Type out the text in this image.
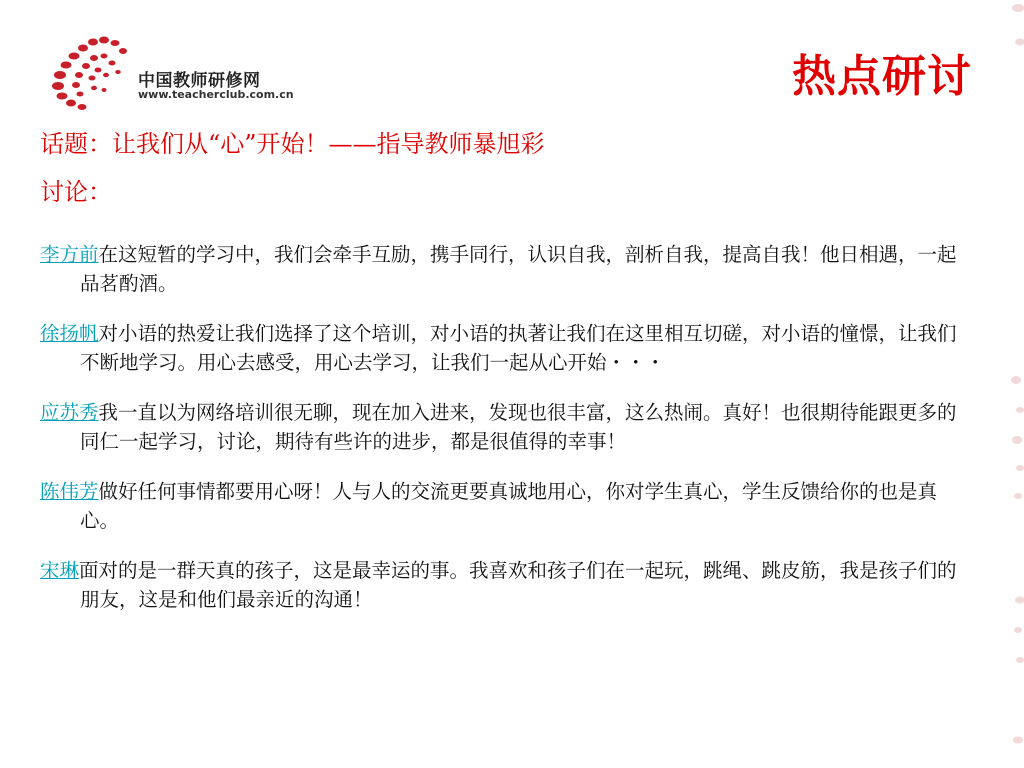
中国教师研修网
www.teacherclub.com.cn	热点研讨
话题：让我们从“心”开始！——指导教师暴旭彩
讨论：
李方前在这短暂的学习中，我们会牵手互励，携手同行，认识自我，剖析自我，提高自我！他日相遇，一起品茗酌酒。
徐扬帆对小语的热爱让我们选择了这个培训，对小语的执著让我们在这里相互切磋，对小语的憧憬，让我们不断地学习。用心去感受，用心去学习，让我们一起从心开始・・・
应苏秀我一直以为网络培训很无聊，现在加入进来，发现也很丰富，这么热闹。真好！也很期待能跟更多的同仁一起学习，讨论，期待有些许的进步，都是很值得的幸事！
陈伟芳做好任何事情都要用心呀！人与人的交流更要真诚地用心，你对学生真心，学生反馈给你的也是真心。
宋琳面对的是一群天真的孩子，这是最幸运的事。我喜欢和孩子们在一起玩，跳绳、跳皮筋，我是孩子们的朋友，这是和他们最亲近的沟通！
